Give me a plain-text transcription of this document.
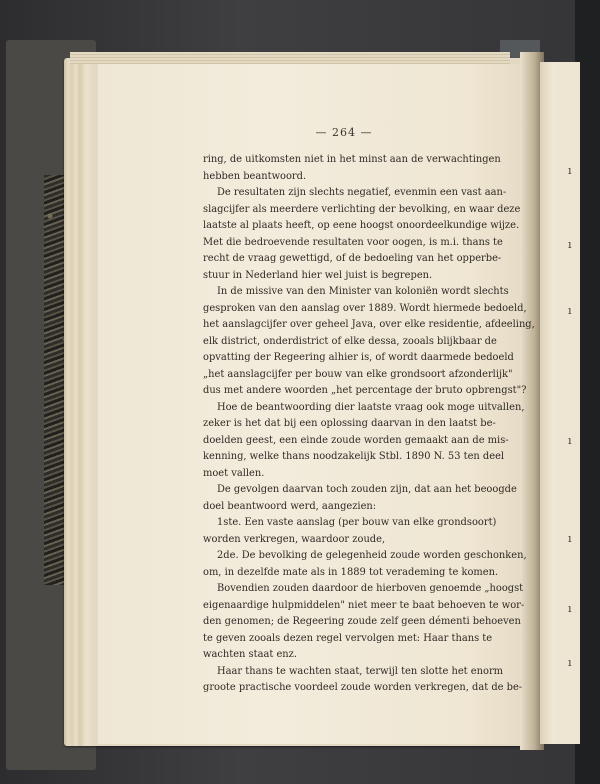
ı
ı
ı
ı
ı
ı
ı
— 264 —
ring, de uitkomsten niet in het minst aan de verwachtingen
hebben beantwoord.
De resultaten zijn slechts negatief, evenmin een vast aan-
slagcijfer als meerdere verlichting der bevolking, en waar deze
laatste al plaats heeft, op eene hoogst onoordeelkundige wijze.
Met die bedroevende resultaten voor oogen, is m.i. thans te
recht de vraag gewettigd, of de bedoeling van het opperbe-
stuur in Nederland hier wel juist is begrepen.
In de missive van den Minister van koloniën wordt slechts
gesproken van den aanslag over 1889. Wordt hiermede bedoeld,
het aanslagcijfer over geheel Java, over elke residentie, afdeeling,
elk district, onderdistrict of elke dessa, zooals blijkbaar de
opvatting der Regeering alhier is, of wordt daarmede bedoeld
„het aanslagcijfer per bouw van elke grondsoort afzonderlijk"
dus met andere woorden „het percentage der bruto opbrengst"?
Hoe de beantwoording dier laatste vraag ook moge uitvallen,
zeker is het dat bij een oplossing daarvan in den laatst be-
doelden geest, een einde zoude worden gemaakt aan de mis-
kenning, welke thans noodzakelijk Stbl. 1890 N. 53 ten deel
moet vallen.
De gevolgen daarvan toch zouden zijn, dat aan het beoogde
doel beantwoord werd, aangezien:
1ste. Een vaste aanslag (per bouw van elke grondsoort)
worden verkregen, waardoor zoude,
2de. De bevolking de gelegenheid zoude worden geschonken,
om, in dezelfde mate als in 1889 tot verademing te komen.
Bovendien zouden daardoor de hierboven genoemde „hoogst
eigenaardige hulpmiddelen" niet meer te baat behoeven te wor-
den genomen; de Regeering zoude zelf geen démenti behoeven
te geven zooals dezen regel vervolgen met: Haar thans te
wachten staat enz.
Haar thans te wachten staat, terwijl ten slotte het enorm
groote practische voordeel zoude worden verkregen, dat de be-
